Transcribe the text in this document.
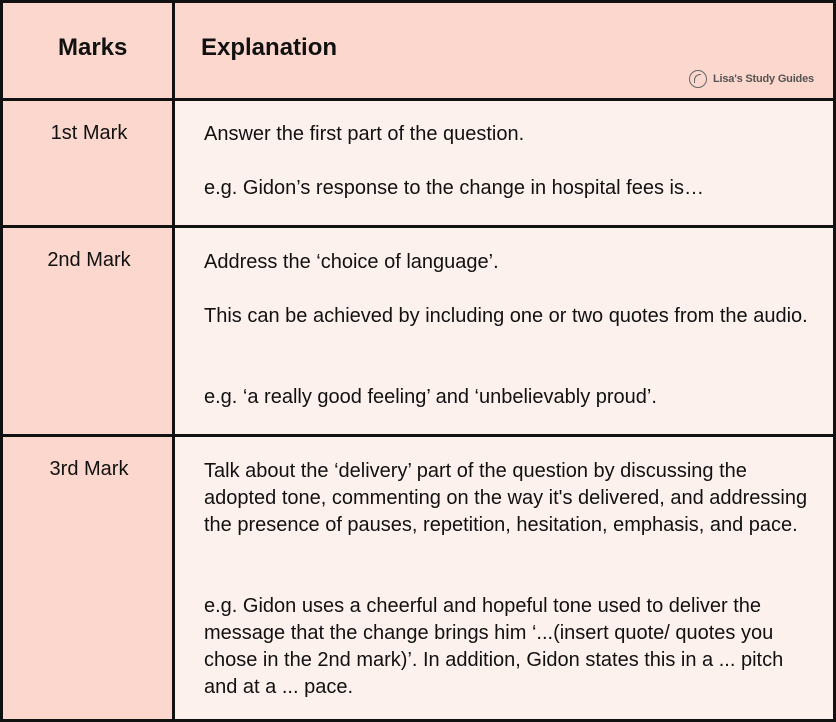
Marks	Explanation
Lisa's Study Guides
1st Mark	Answer the first part of the question.
e.g. Gidon’s response to the change in hospital fees is…
2nd Mark	Address the ‘choice of language’.
This can be achieved by including one or two quotes from the audio.
e.g. ‘a really good feeling’ and ‘unbelievably proud’.
3rd Mark	Talk about the ‘delivery’ part of the question by discussing the adopted tone, commenting on the way it's delivered, and addressing the presence of pauses, repetition, hesitation, emphasis, and pace.
e.g. Gidon uses a cheerful and hopeful tone used to deliver the message that the change brings him ‘...(insert quote/ quotes you chose in the 2nd mark)’. In addition, Gidon states this in a ... pitch and at a ... pace.
